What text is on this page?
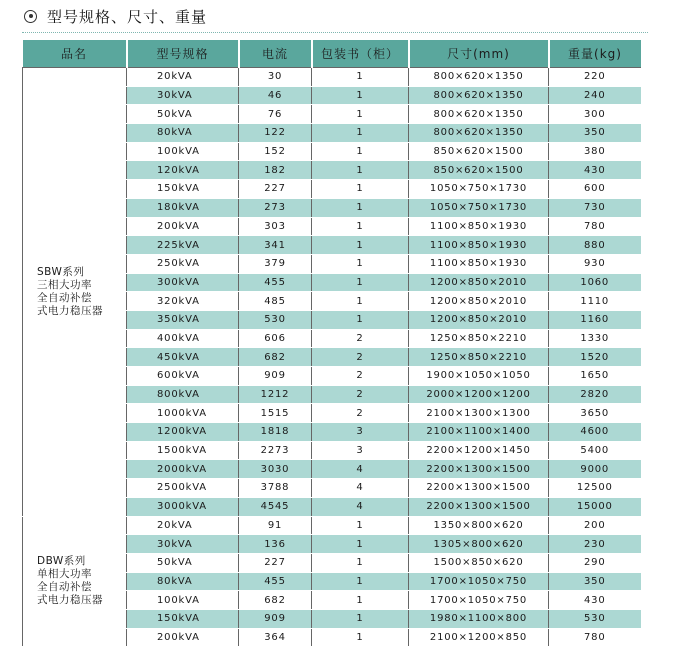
型号规格、尺寸、重量
品名	型号规格	电流	包装书（柜）	尺寸(mm)	重量(kg)

SBW系列
三相大功率
全自动补偿
式电力稳压器	20kVA	30	1	800×620×1350	220
	30kVA	46	1	800×620×1350	240
	50kVA	76	1	800×620×1350	300
	80kVA	122	1	800×620×1350	350
	100kVA	152	1	850×620×1500	380
	120kVA	182	1	850×620×1500	430
	150kVA	227	1	1050×750×1730	600
	180kVA	273	1	1050×750×1730	730
	200kVA	303	1	1100×850×1930	780
	225kVA	341	1	1100×850×1930	880
	250kVA	379	1	1100×850×1930	930
	300kVA	455	1	1200×850×2010	1060
	320kVA	485	1	1200×850×2010	1110
	350kVA	530	1	1200×850×2010	1160
	400kVA	606	2	1250×850×2210	1330
	450kVA	682	2	1250×850×2210	1520
	600kVA	909	2	1900×1050×1050	1650
	800kVA	1212	2	2000×1200×1200	2820
	1000kVA	1515	2	2100×1300×1300	3650
	1200kVA	1818	3	2100×1100×1400	4600
	1500kVA	2273	3	2200×1200×1450	5400
	2000kVA	3030	4	2200×1300×1500	9000
	2500kVA	3788	4	2200×1300×1500	12500
	3000kVA	4545	4	2200×1300×1500	15000

DBW系列
单相大功率
全自动补偿
式电力稳压器	20kVA	91	1	1350×800×620	200
	30kVA	136	1	1305×800×620	230
	50kVA	227	1	1500×850×620	290
	80kVA	455	1	1700×1050×750	350
	100kVA	682	1	1700×1050×750	430
	150kVA	909	1	1980×1100×800	530
	200kVA	364	1	2100×1200×850	780
